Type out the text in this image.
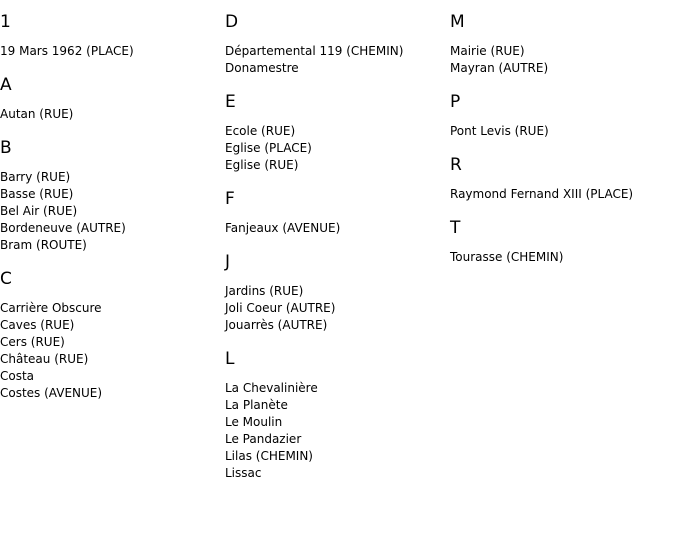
1
19 Mars 1962 (PLACE)
A
Autan (RUE)
B
Barry (RUE)
Basse (RUE)
Bel Air (RUE)
Bordeneuve (AUTRE)
Bram (ROUTE)
C
Carrière Obscure
Caves (RUE)
Cers (RUE)
Château (RUE)
Costa
Costes (AVENUE)
D
Départemental 119 (CHEMIN)
Donamestre
E
Ecole (RUE)
Eglise (PLACE)
Eglise (RUE)
F
Fanjeaux (AVENUE)
J
Jardins (RUE)
Joli Coeur (AUTRE)
Jouarrès (AUTRE)
L
La Chevalinière
La Planète
Le Moulin
Le Pandazier
Lilas (CHEMIN)
Lissac
M
Mairie (RUE)
Mayran (AUTRE)
P
Pont Levis (RUE)
R
Raymond Fernand XIII (PLACE)
T
Tourasse (CHEMIN)
